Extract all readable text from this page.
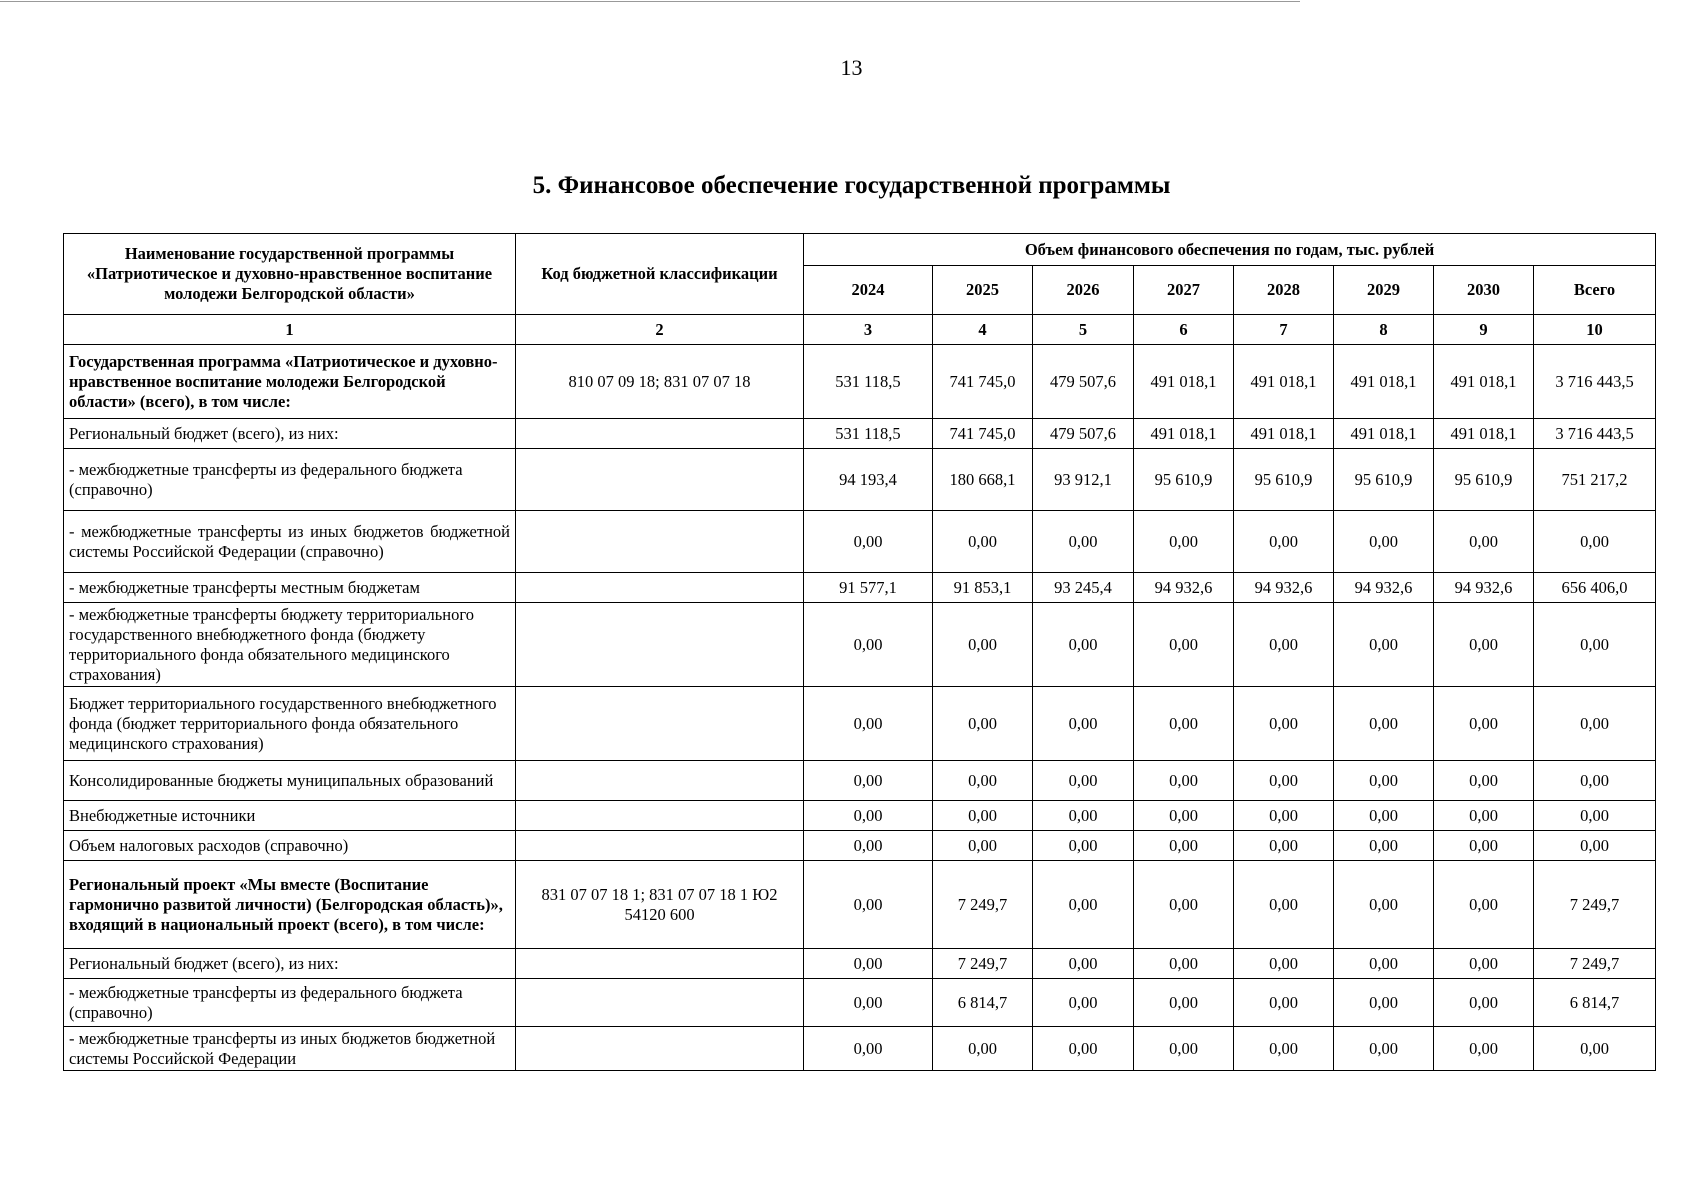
13
5. Финансовое обеспечение государственной программы
Наименование государственной программы «Патриотическое и духовно-нравственное воспитание молодежи Белгородской области»	Код бюджетной классификации	Объем финансового обеспечения по годам, тыс. рублей							
		2024	2025	2026	2027	2028	2029	2030	Всего
1	2	3	4	5	6	7	8	9	10
Государственная программа «Патриотическое и духовно-нравственное воспитание молодежи Белгородской области» (всего), в том числе:	810 07 09 18; 831 07 07 18	531 118,5	741 745,0	479 507,6	491 018,1	491 018,1	491 018,1	491 018,1	3 716 443,5
Региональный бюджет (всего), из них:		531 118,5	741 745,0	479 507,6	491 018,1	491 018,1	491 018,1	491 018,1	3 716 443,5
- межбюджетные трансферты из федерального бюджета (справочно)		94 193,4	180 668,1	93 912,1	95 610,9	95 610,9	95 610,9	95 610,9	751 217,2
- межбюджетные трансферты из иных бюджетов бюджетной системы Российской Федерации (справочно)		0,00	0,00	0,00	0,00	0,00	0,00	0,00	0,00
- межбюджетные трансферты местным бюджетам		91 577,1	91 853,1	93 245,4	94 932,6	94 932,6	94 932,6	94 932,6	656 406,0
- межбюджетные трансферты бюджету территориального государственного внебюджетного фонда (бюджету территориального фонда обязательного медицинского страхования)		0,00	0,00	0,00	0,00	0,00	0,00	0,00	0,00
Бюджет территориального государственного внебюджетного фонда (бюджет территориального фонда обязательного медицинского страхования)		0,00	0,00	0,00	0,00	0,00	0,00	0,00	0,00
Консолидированные бюджеты муниципальных образований		0,00	0,00	0,00	0,00	0,00	0,00	0,00	0,00
Внебюджетные источники		0,00	0,00	0,00	0,00	0,00	0,00	0,00	0,00
Объем налоговых расходов (справочно)		0,00	0,00	0,00	0,00	0,00	0,00	0,00	0,00
Региональный проект «Мы вместе (Воспитание гармонично развитой личности) (Белгородская область)», входящий в национальный проект (всего), в том числе:	831 07 07 18 1; 831 07 07 18 1 Ю2 54120 600	0,00	7 249,7	0,00	0,00	0,00	0,00	0,00	7 249,7
Региональный бюджет (всего), из них:		0,00	7 249,7	0,00	0,00	0,00	0,00	0,00	7 249,7
- межбюджетные трансферты из федерального бюджета (справочно)		0,00	6 814,7	0,00	0,00	0,00	0,00	0,00	6 814,7
- межбюджетные трансферты из иных бюджетов бюджетной системы Российской Федерации		0,00	0,00	0,00	0,00	0,00	0,00	0,00	0,00
